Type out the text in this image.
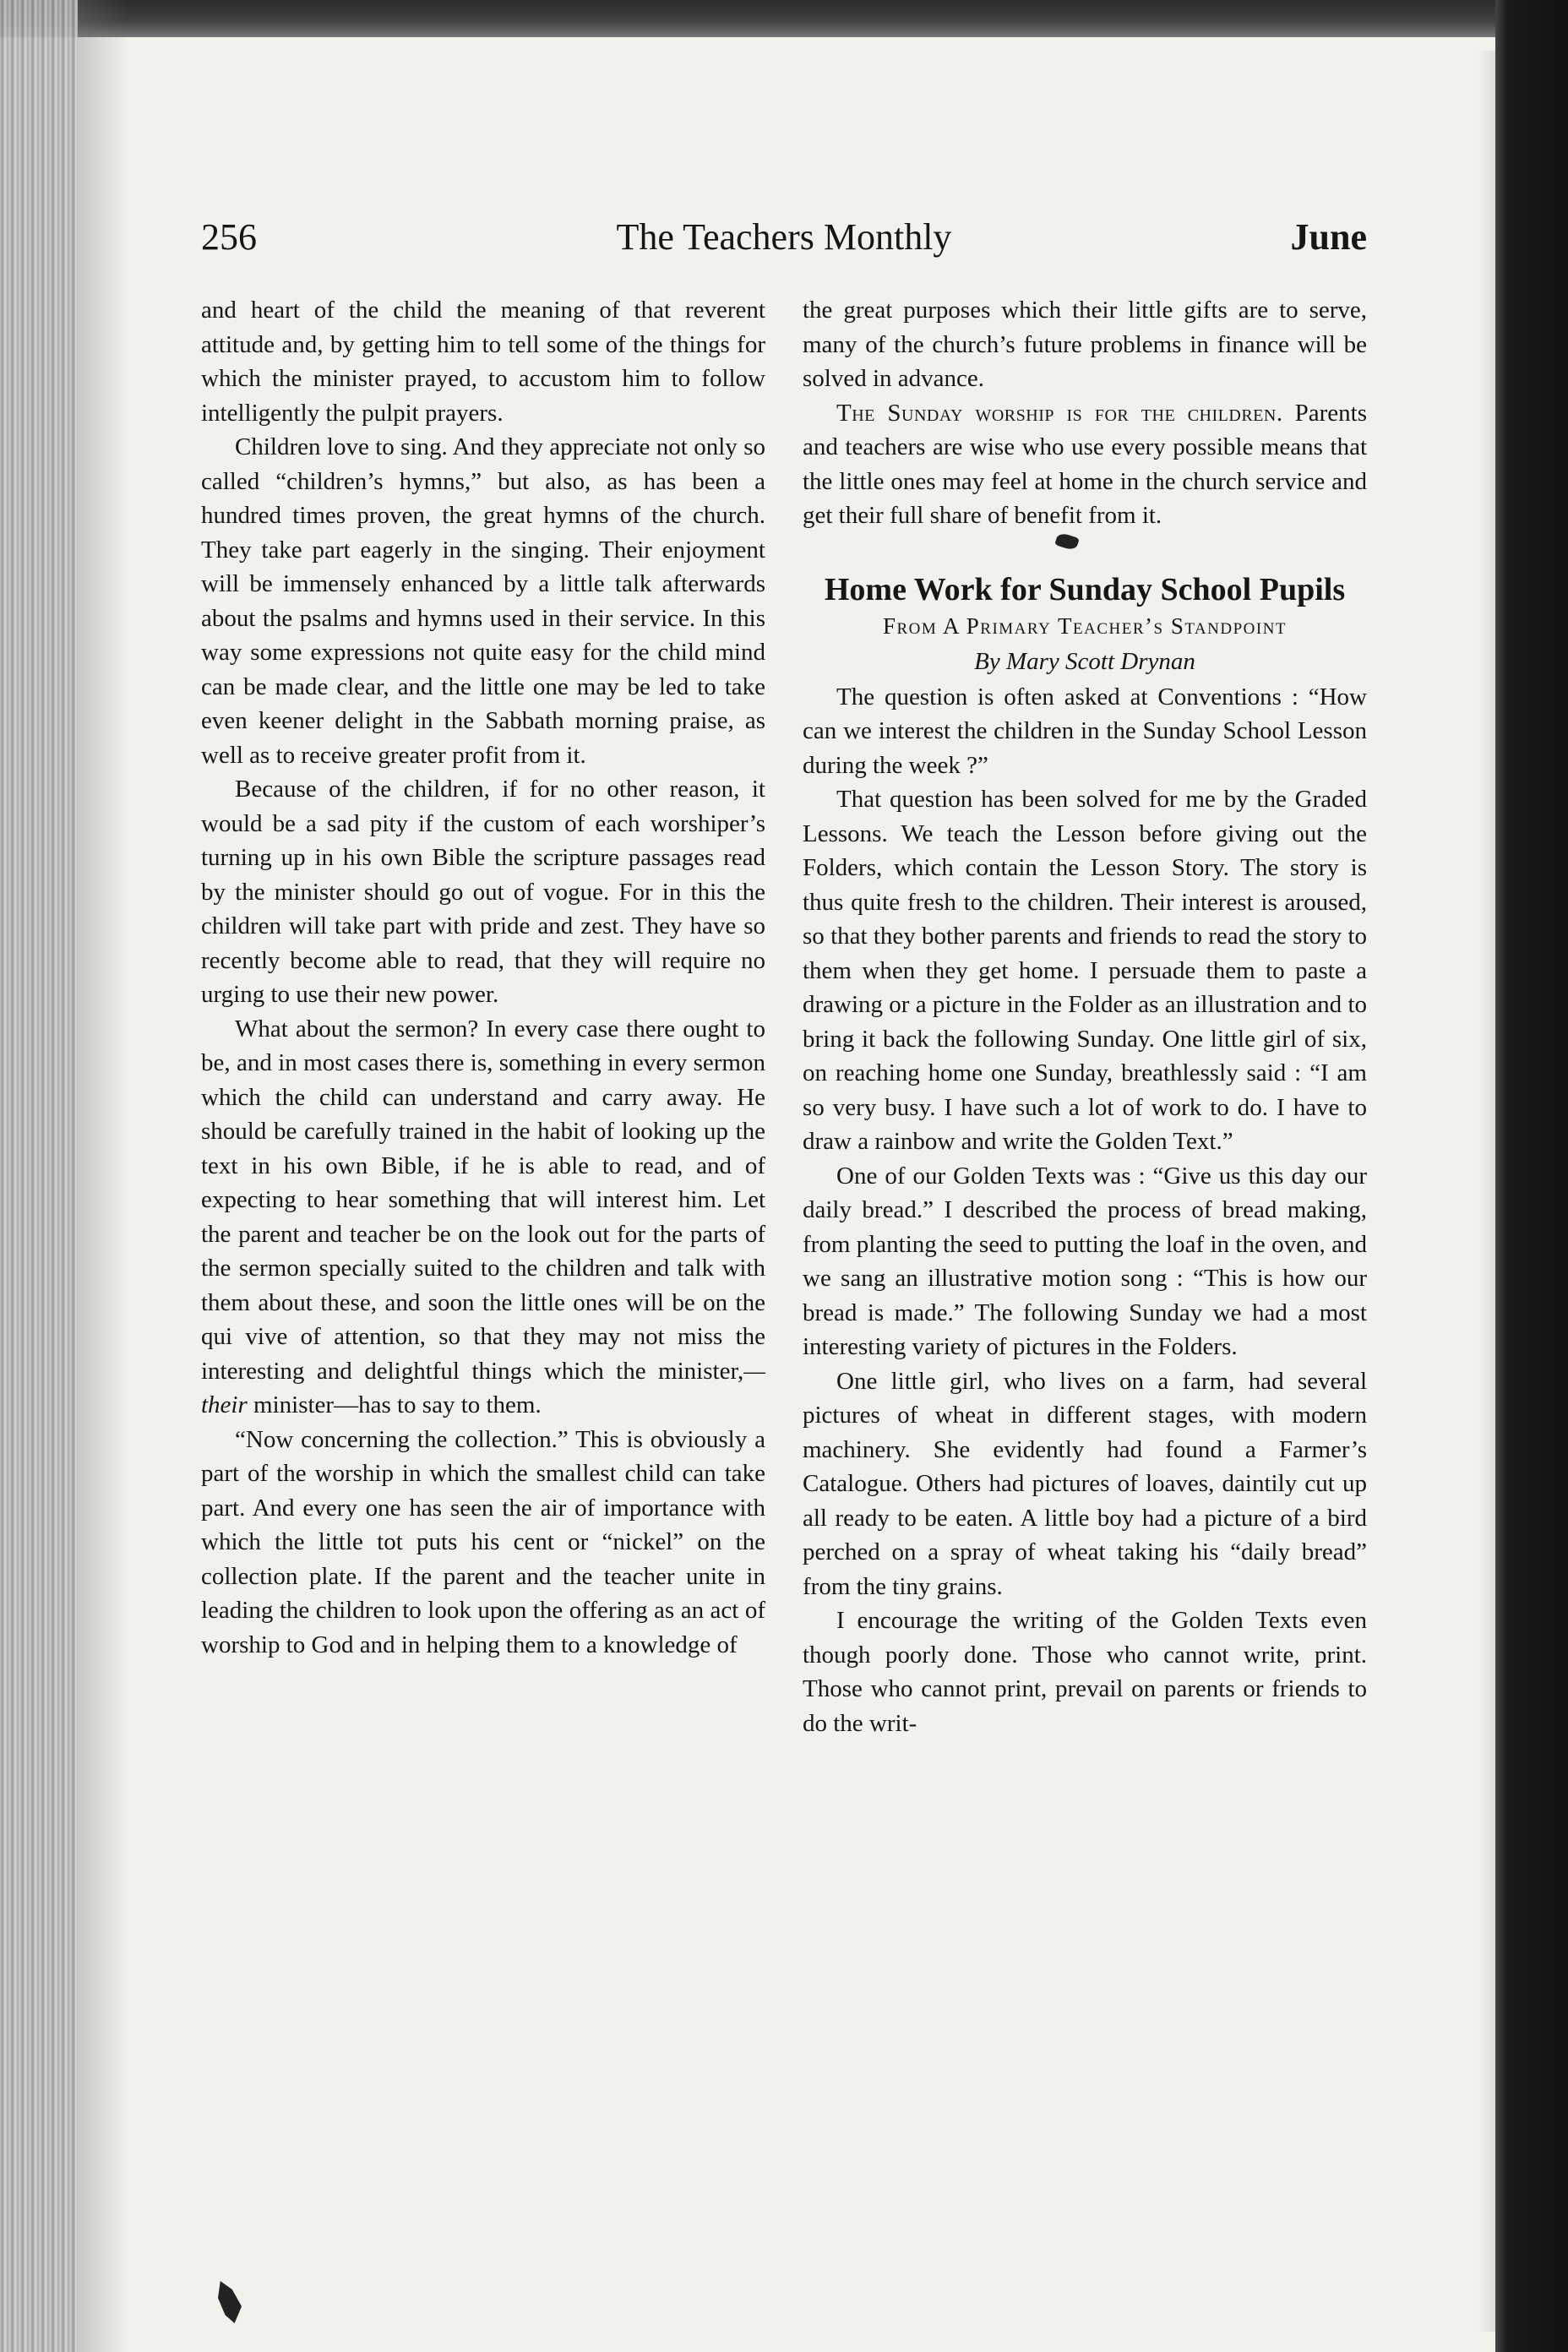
256	The Teachers Monthly	June

and heart of the child the meaning of that reverent attitude and, by getting him to tell some of the things for which the minister prayed, to accustom him to follow intelligently the pulpit prayers.

Children love to sing. And they appreciate not only so called “children’s hymns,” but also, as has been a hundred times proven, the great hymns of the church. They take part eagerly in the singing. Their enjoyment will be immensely enhanced by a little talk afterwards about the psalms and hymns used in their service. In this way some expressions not quite easy for the child mind can be made clear, and the little one may be led to take even keener delight in the Sabbath morning praise, as well as to receive greater profit from it.

Because of the children, if for no other reason, it would be a sad pity if the custom of each worshiper’s turning up in his own Bible the scripture passages read by the minister should go out of vogue. For in this the children will take part with pride and zest. They have so recently become able to read, that they will require no urging to use their new power.

What about the sermon? In every case there ought to be, and in most cases there is, something in every sermon which the child can understand and carry away. He should be carefully trained in the habit of looking up the text in his own Bible, if he is able to read, and of expecting to hear something that will interest him. Let the parent and teacher be on the look out for the parts of the sermon specially suited to the children and talk with them about these, and soon the little ones will be on the qui vive of attention, so that they may not miss the interesting and delightful things which the minister,—their minister—has to say to them.

“Now concerning the collection.” This is obviously a part of the worship in which the smallest child can take part. And every one has seen the air of importance with which the little tot puts his cent or “nickel” on the collection plate. If the parent and the teacher unite in leading the children to look upon the offering as an act of worship to God and in helping them to a knowledge of

the great purposes which their little gifts are to serve, many of the church’s future problems in finance will be solved in advance.

The Sunday worship is for the children. Parents and teachers are wise who use every possible means that the little ones may feel at home in the church service and get their full share of benefit from it.

Home Work for Sunday School Pupils
From A Primary Teacher’s Standpoint
By Mary Scott Drynan

The question is often asked at Conventions : “How can we interest the children in the Sunday School Lesson during the week ?”

That question has been solved for me by the Graded Lessons. We teach the Lesson before giving out the Folders, which contain the Lesson Story. The story is thus quite fresh to the children. Their interest is aroused, so that they bother parents and friends to read the story to them when they get home. I persuade them to paste a drawing or a picture in the Folder as an illustration and to bring it back the following Sunday. One little girl of six, on reaching home one Sunday, breathlessly said : “I am so very busy. I have such a lot of work to do. I have to draw a rainbow and write the Golden Text.”

One of our Golden Texts was : “Give us this day our daily bread.” I described the process of bread making, from planting the seed to putting the loaf in the oven, and we sang an illustrative motion song : “This is how our bread is made.” The following Sunday we had a most interesting variety of pictures in the Folders.

One little girl, who lives on a farm, had several pictures of wheat in different stages, with modern machinery. She evidently had found a Farmer’s Catalogue. Others had pictures of loaves, daintily cut up all ready to be eaten. A little boy had a picture of a bird perched on a spray of wheat taking his “daily bread” from the tiny grains.

I encourage the writing of the Golden Texts even though poorly done. Those who cannot write, print. Those who cannot print, prevail on parents or friends to do the writ-
